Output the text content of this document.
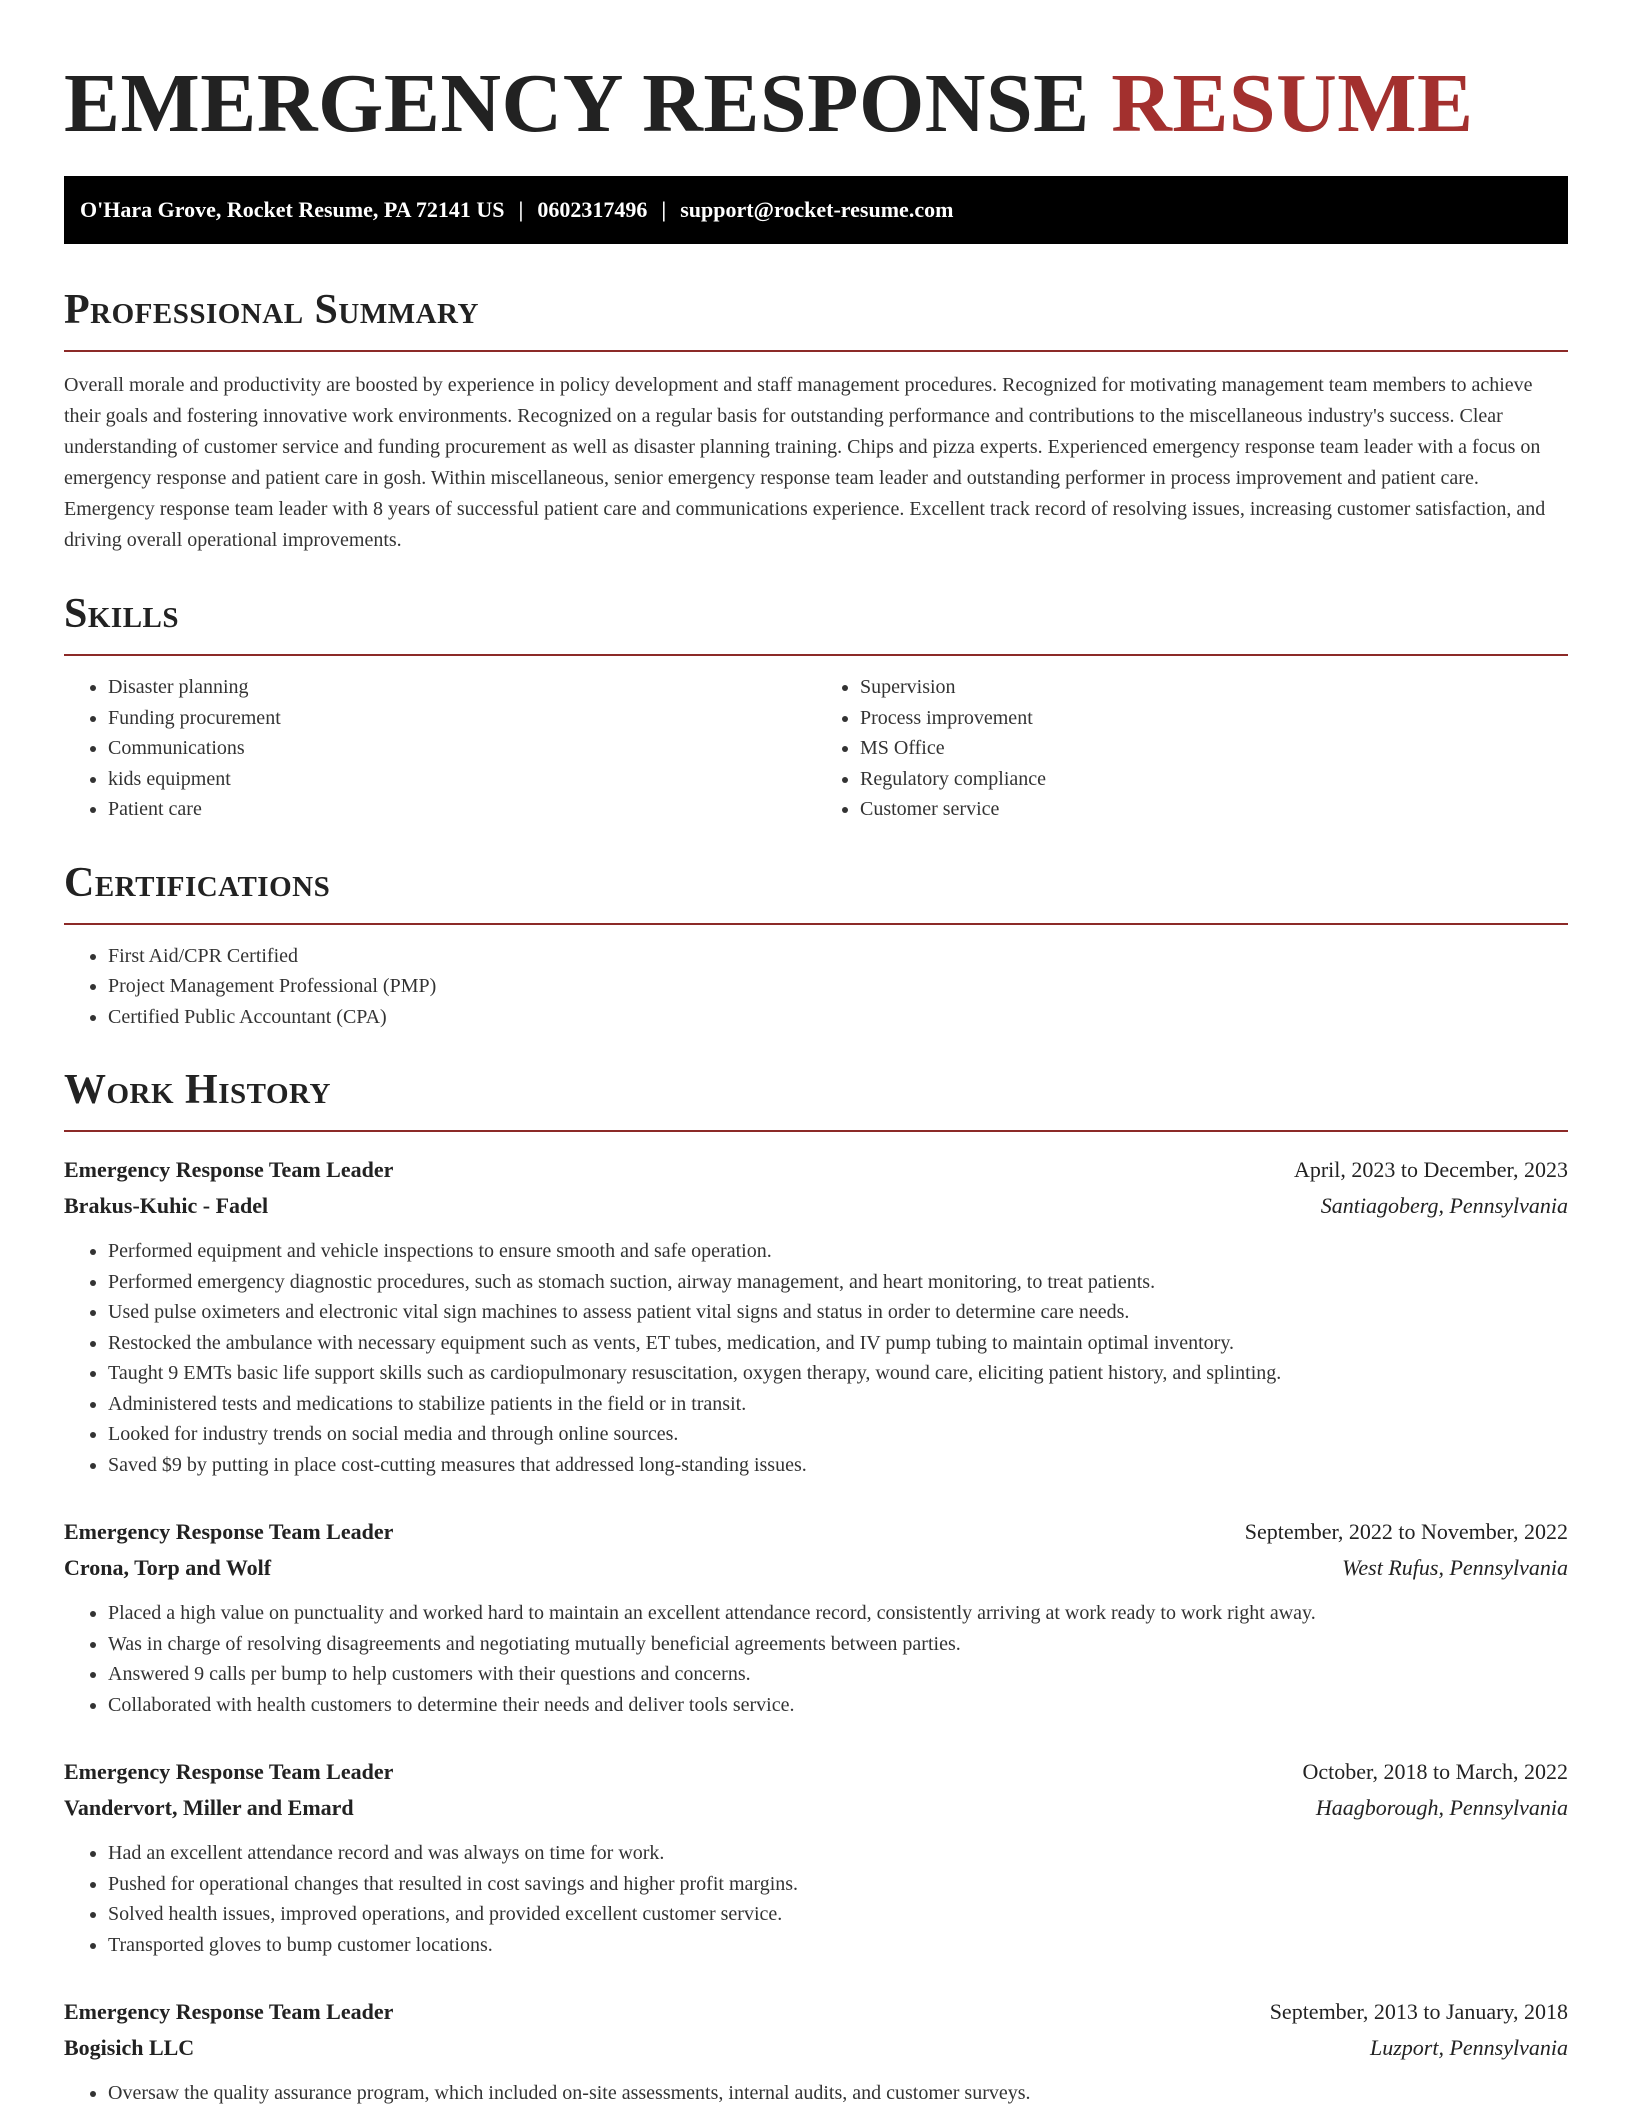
EMERGENCY RESPONSE RESUME
O'Hara Grove, Rocket Resume, PA 72141 US | 0602317496 | support@rocket-resume.com
Professional Summary

Overall morale and productivity are boosted by experience in policy development and staff management procedures. Recognized for motivating management team members to achieve their goals and fostering innovative work environments. Recognized on a regular basis for outstanding performance and contributions to the miscellaneous industry's success. Clear understanding of customer service and funding procurement as well as disaster planning training. Chips and pizza experts. Experienced emergency response team leader with a focus on emergency response and patient care in gosh. Within miscellaneous, senior emergency response team leader and outstanding performer in process improvement and patient care. Emergency response team leader with 8 years of successful patient care and communications experience. Excellent track record of resolving issues, increasing customer satisfaction, and driving overall operational improvements.

Skills
• Disaster planning
• Funding procurement
• Communications
• kids equipment
• Patient care
• Supervision
• Process improvement
• MS Office
• Regulatory compliance
• Customer service
Certifications
• First Aid/CPR Certified
• Project Management Professional (PMP)
• Certified Public Accountant (CPA)
Work History
Emergency Response Team Leader	April, 2023 to December, 2023
Brakus-Kuhic - Fadel	Santiagoberg, Pennsylvania
• Performed equipment and vehicle inspections to ensure smooth and safe operation.
• Performed emergency diagnostic procedures, such as stomach suction, airway management, and heart monitoring, to treat patients.
• Used pulse oximeters and electronic vital sign machines to assess patient vital signs and status in order to determine care needs.
• Restocked the ambulance with necessary equipment such as vents, ET tubes, medication, and IV pump tubing to maintain optimal inventory.
• Taught 9 EMTs basic life support skills such as cardiopulmonary resuscitation, oxygen therapy, wound care, eliciting patient history, and splinting.
• Administered tests and medications to stabilize patients in the field or in transit.
• Looked for industry trends on social media and through online sources.
• Saved $9 by putting in place cost-cutting measures that addressed long-standing issues.
Emergency Response Team Leader	September, 2022 to November, 2022
Crona, Torp and Wolf	West Rufus, Pennsylvania
• Placed a high value on punctuality and worked hard to maintain an excellent attendance record, consistently arriving at work ready to work right away.
• Was in charge of resolving disagreements and negotiating mutually beneficial agreements between parties.
• Answered 9 calls per bump to help customers with their questions and concerns.
• Collaborated with health customers to determine their needs and deliver tools service.
Emergency Response Team Leader	October, 2018 to March, 2022
Vandervort, Miller and Emard	Haagborough, Pennsylvania
• Had an excellent attendance record and was always on time for work.
• Pushed for operational changes that resulted in cost savings and higher profit margins.
• Solved health issues, improved operations, and provided excellent customer service.
• Transported gloves to bump customer locations.
Emergency Response Team Leader	September, 2013 to January, 2018
Bogisich LLC	Luzport, Pennsylvania
• Oversaw the quality assurance program, which included on-site assessments, internal audits, and customer surveys.
